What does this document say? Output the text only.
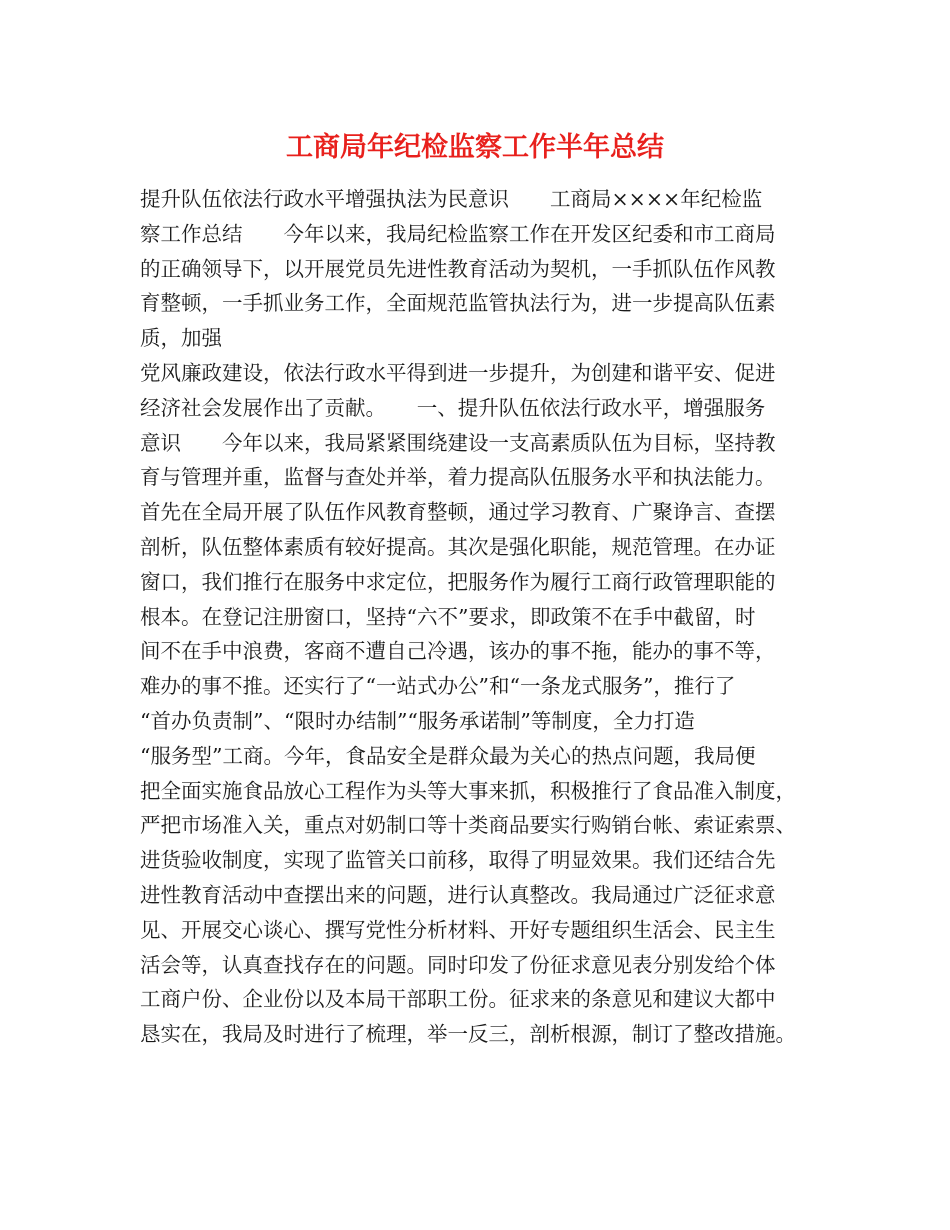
工商局年纪检监察工作半年总结
提升队伍依法行政水平增强执法为民意识　　工商局××××年纪检监
察工作总结　　今年以来，我局纪检监察工作在开发区纪委和市工商局
的正确领导下，以开展党员先进性教育活动为契机，一手抓队伍作风教
育整顿，一手抓业务工作，全面规范监管执法行为，进一步提高队伍素
质，加强
党风廉政建设，依法行政水平得到进一步提升，为创建和谐平安、促进
经济社会发展作出了贡献。　　一、提升队伍依法行政水平，增强服务
意识　　今年以来，我局紧紧围绕建设一支高素质队伍为目标，坚持教
育与管理并重，监督与查处并举，着力提高队伍服务水平和执法能力。
首先在全局开展了队伍作风教育整顿，通过学习教育、广聚诤言、查摆
剖析，队伍整体素质有较好提高。其次是强化职能，规范管理。在办证
窗口，我们推行在服务中求定位，把服务作为履行工商行政管理职能的
根本。在登记注册窗口，坚持“六不”要求，即政策不在手中截留，时
间不在手中浪费，客商不遭自己冷遇，该办的事不拖，能办的事不等，
难办的事不推。还实行了“一站式办公”和“一条龙式服务”，推行了
“首办负责制”、“限时办结制”“服务承诺制”等制度，全力打造
“服务型”工商。今年，食品安全是群众最为关心的热点问题，我局便
把全面实施食品放心工程作为头等大事来抓，积极推行了食品准入制度，
严把市场准入关，重点对奶制口等十类商品要实行购销台帐、索证索票、
进货验收制度，实现了监管关口前移，取得了明显效果。我们还结合先
进性教育活动中查摆出来的问题，进行认真整改。我局通过广泛征求意
见、开展交心谈心、撰写党性分析材料、开好专题组织生活会、民主生
活会等，认真查找存在的问题。同时印发了份征求意见表分别发给个体
工商户份、企业份以及本局干部职工份。征求来的条意见和建议大都中
恳实在，我局及时进行了梳理，举一反三，剖析根源，制订了整改措施。
